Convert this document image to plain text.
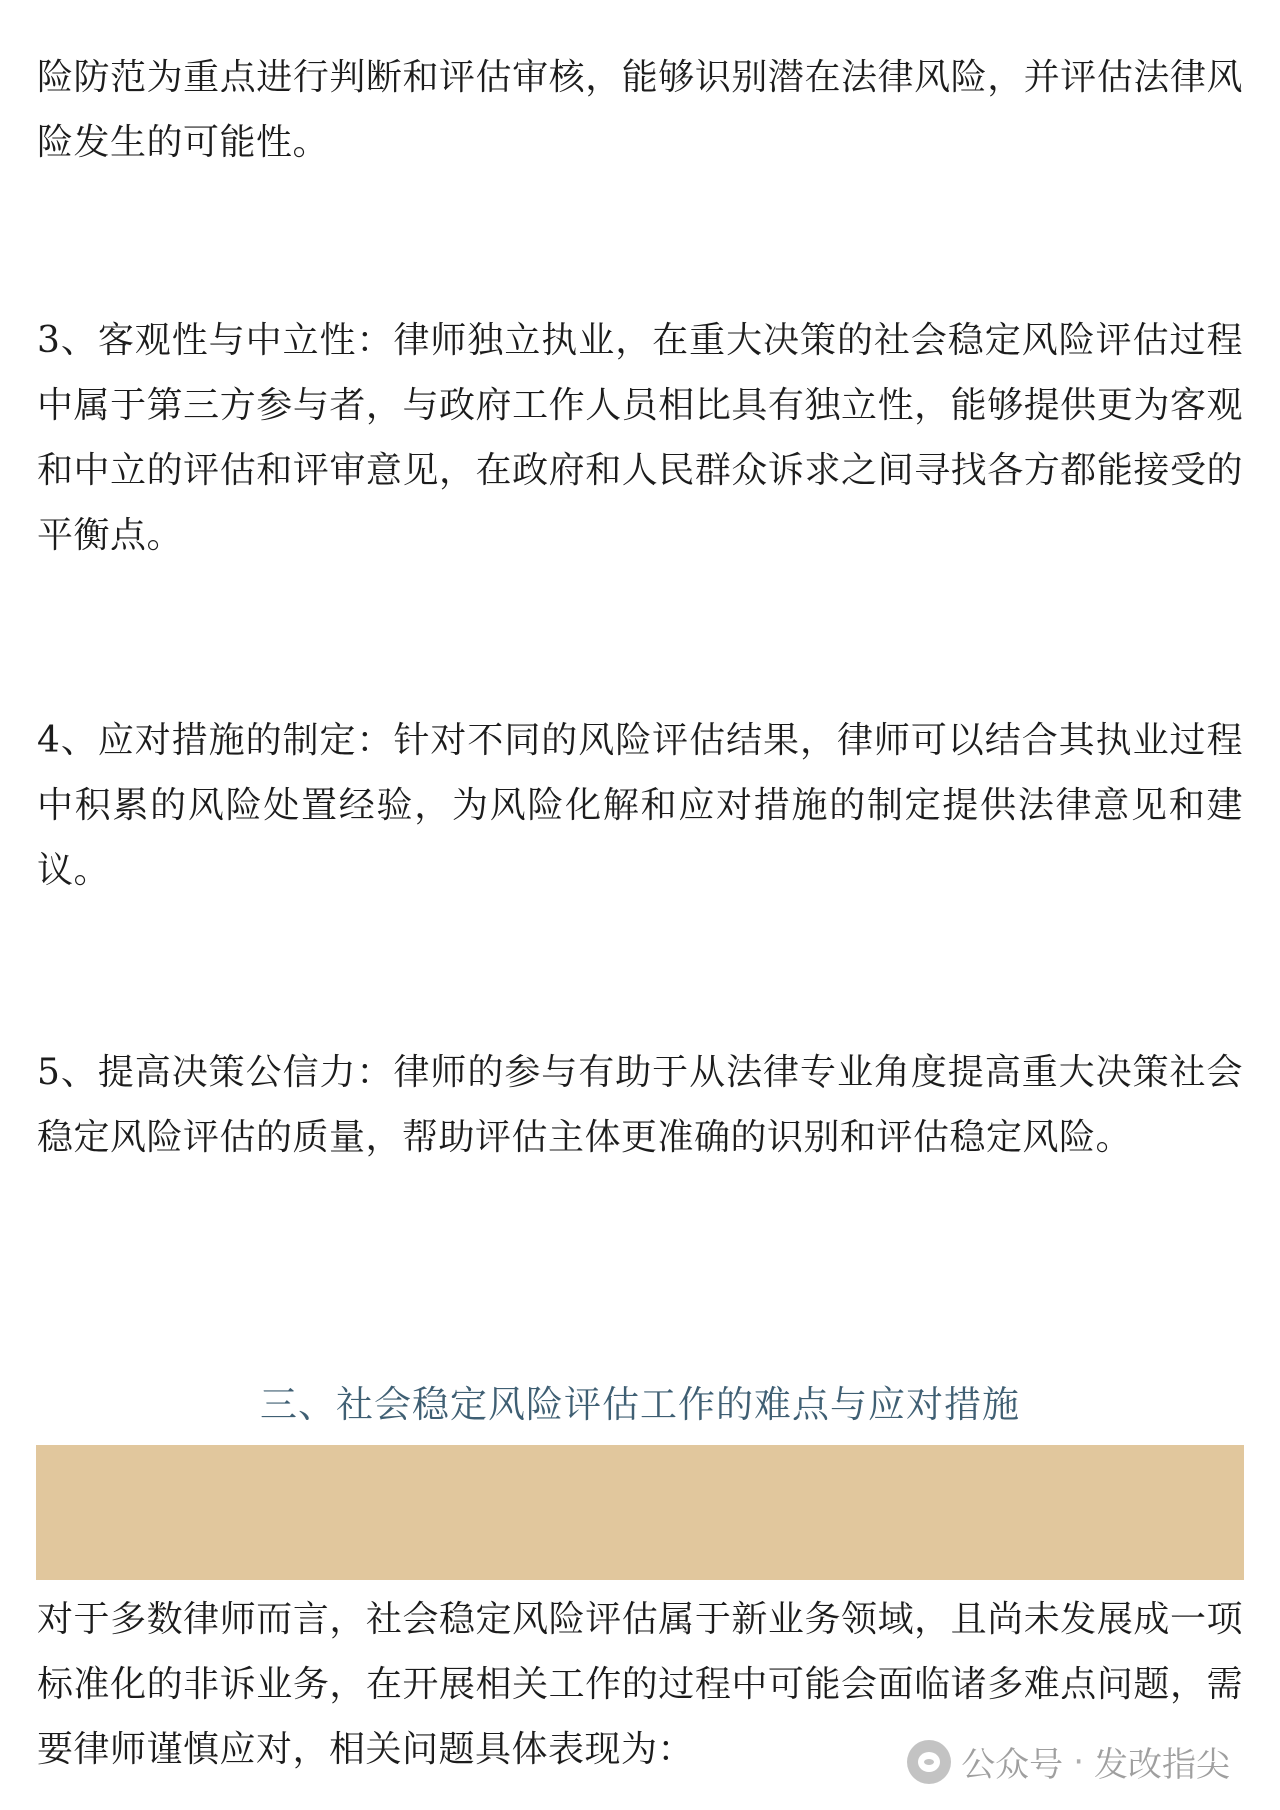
险防范为重点进行判断和评估审核，能够识别潜在法律风险，并评估法律风险发生的可能性。

3、客观性与中立性：律师独立执业，在重大决策的社会稳定风险评估过程中属于第三方参与者，与政府工作人员相比具有独立性，能够提供更为客观和中立的评估和评审意见，在政府和人民群众诉求之间寻找各方都能接受的平衡点。

4、应对措施的制定：针对不同的风险评估结果，律师可以结合其执业过程中积累的风险处置经验，为风险化解和应对措施的制定提供法律意见和建议。

5、提高决策公信力：律师的参与有助于从法律专业角度提高重大决策社会稳定风险评估的质量，帮助评估主体更准确的识别和评估稳定风险。

三、社会稳定风险评估工作的难点与应对措施

对于多数律师而言，社会稳定风险评估属于新业务领域，且尚未发展成一项标准化的非诉业务，在开展相关工作的过程中可能会面临诸多难点问题，需要律师谨慎应对，相关问题具体表现为：	公众号 · 发改指尖
